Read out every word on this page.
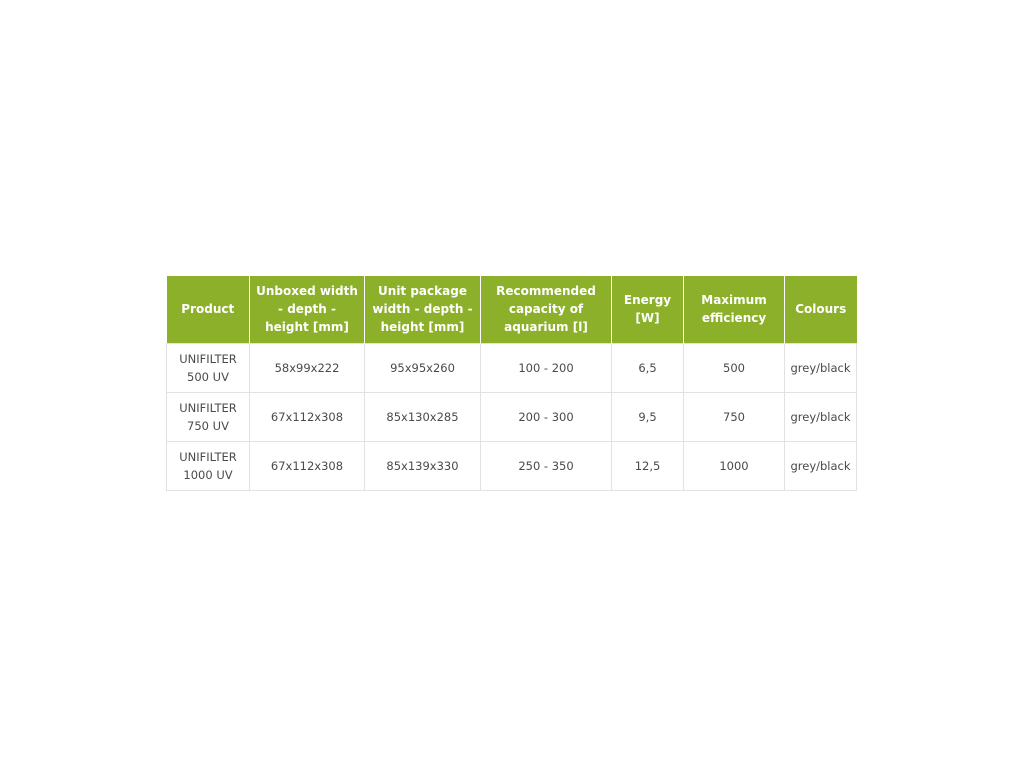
Product	Unboxed width - depth - height [mm]	Unit package width - depth - height [mm]	Recommended capacity of aquarium [l]	Energy [W]	Maximum efficiency	Colours
UNIFILTER 500 UV	58x99x222	95x95x260	100 - 200	6,5	500	grey/black
UNIFILTER 750 UV	67x112x308	85x130x285	200 - 300	9,5	750	grey/black
UNIFILTER 1000 UV	67x112x308	85x139x330	250 - 350	12,5	1000	grey/black
